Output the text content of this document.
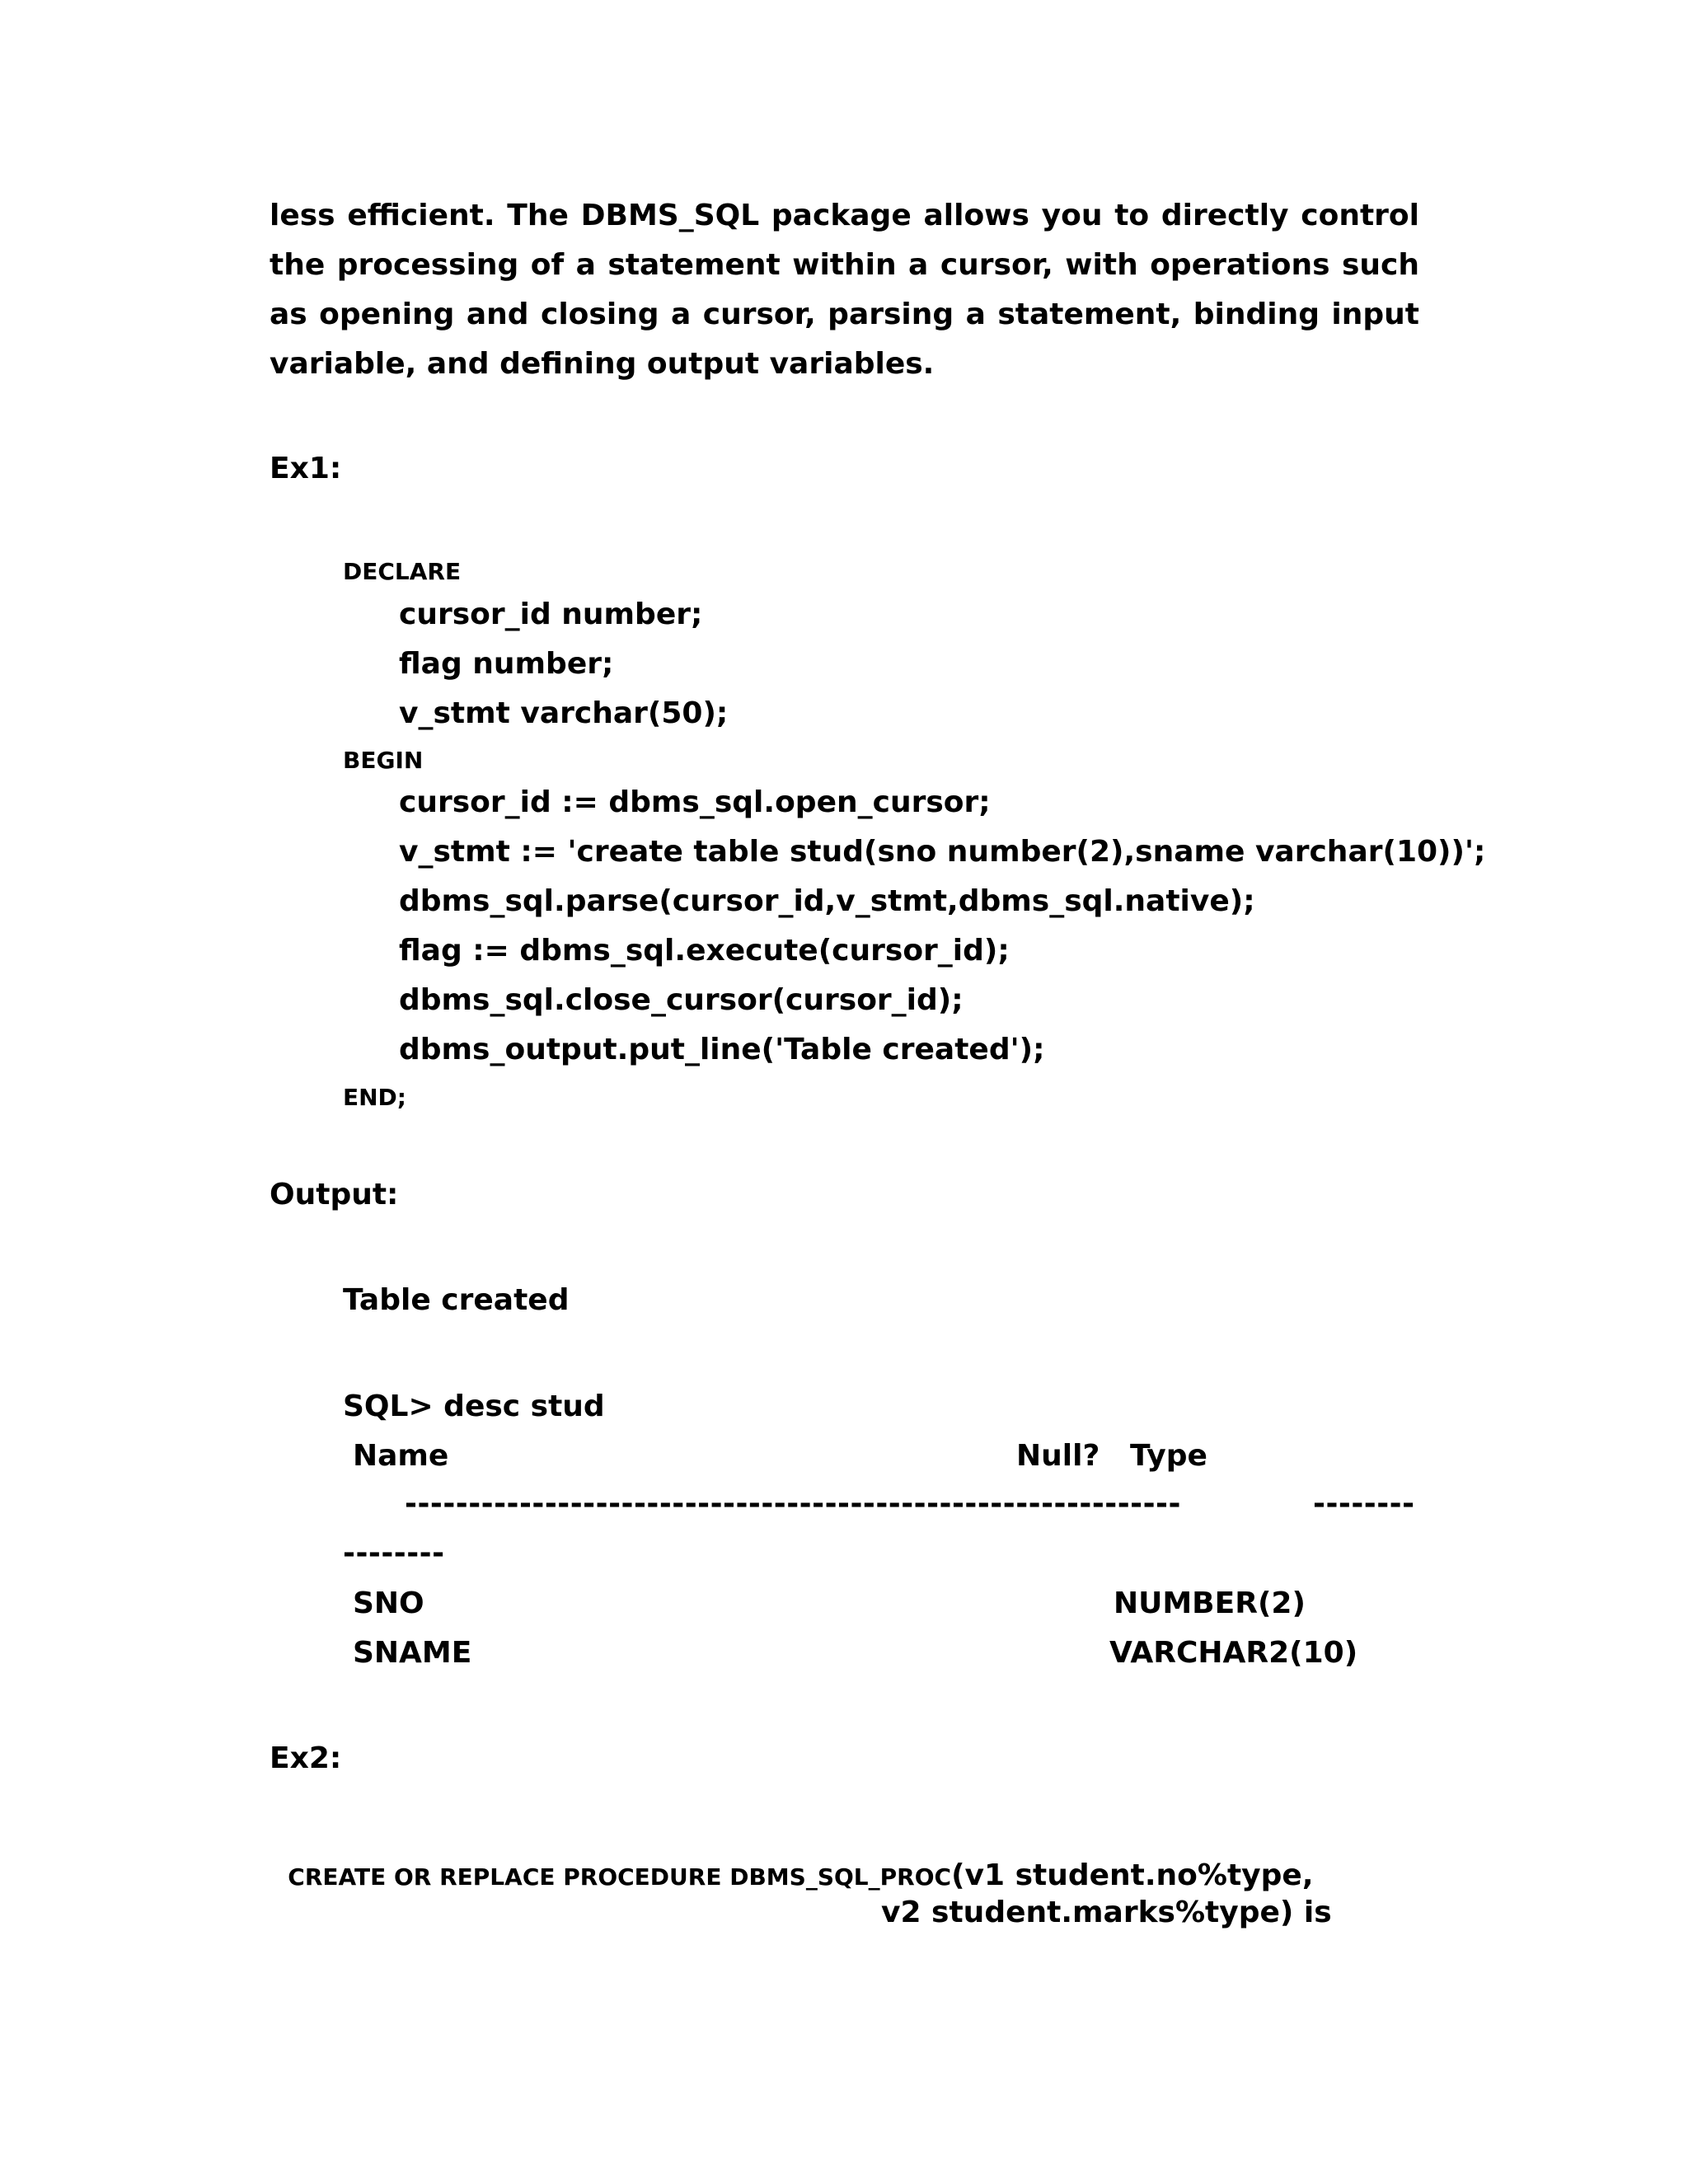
less efficient. The DBMS_SQL package allows you to directly control the processing of a statement within a cursor, with operations such as opening and closing a cursor, parsing a statement, binding input variable, and defining output variables.
Ex1:
DECLARE
cursor_id number;
flag number;
v_stmt varchar(50);
BEGIN
cursor_id := dbms_sql.open_cursor;
v_stmt := 'create table stud(sno number(2),sname varchar(10))';
dbms_sql.parse(cursor_id,v_stmt,dbms_sql.native);
flag := dbms_sql.execute(cursor_id);
dbms_sql.close_cursor(cursor_id);
dbms_output.put_line('Table created');
END;
Output:
Table created
SQL> desc stud
Name	Null? Type
-------------------------------------------------------------	--------
--------
SNO	NUMBER(2)
SNAME	VARCHAR2(10)
Ex2:

CREATE OR REPLACE PROCEDURE DBMS_SQL_PROC(v1 student.no%type,

v2 student.marks%type) is
